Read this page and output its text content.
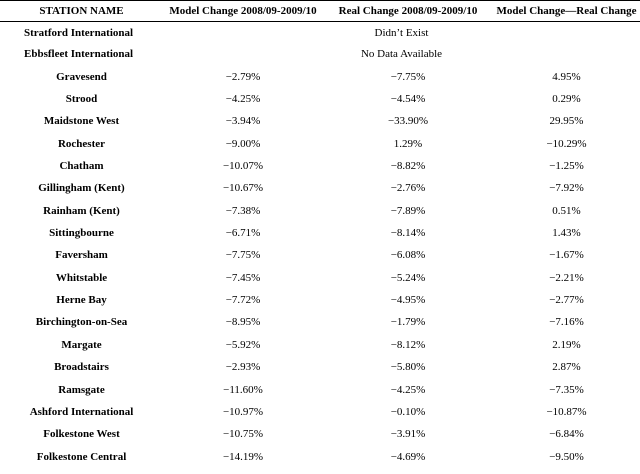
STATION NAME	Model Change 2008/09-2009/10	Real Change 2008/09-2009/10	Model Change—Real Change
Stratford International	Didn’t Exist		
Ebbsfleet International	No Data Available		
Gravesend	−2.79%	−7.75%	4.95%
Strood	−4.25%	−4.54%	0.29%
Maidstone West	−3.94%	−33.90%	29.95%
Rochester	−9.00%	1.29%	−10.29%
Chatham	−10.07%	−8.82%	−1.25%
Gillingham (Kent)	−10.67%	−2.76%	−7.92%
Rainham (Kent)	−7.38%	−7.89%	0.51%
Sittingbourne	−6.71%	−8.14%	1.43%
Faversham	−7.75%	−6.08%	−1.67%
Whitstable	−7.45%	−5.24%	−2.21%
Herne Bay	−7.72%	−4.95%	−2.77%
Birchington-on-Sea	−8.95%	−1.79%	−7.16%
Margate	−5.92%	−8.12%	2.19%
Broadstairs	−2.93%	−5.80%	2.87%
Ramsgate	−11.60%	−4.25%	−7.35%
Ashford International	−10.97%	−0.10%	−10.87%
Folkestone West	−10.75%	−3.91%	−6.84%
Folkestone Central	−14.19%	−4.69%	−9.50%
